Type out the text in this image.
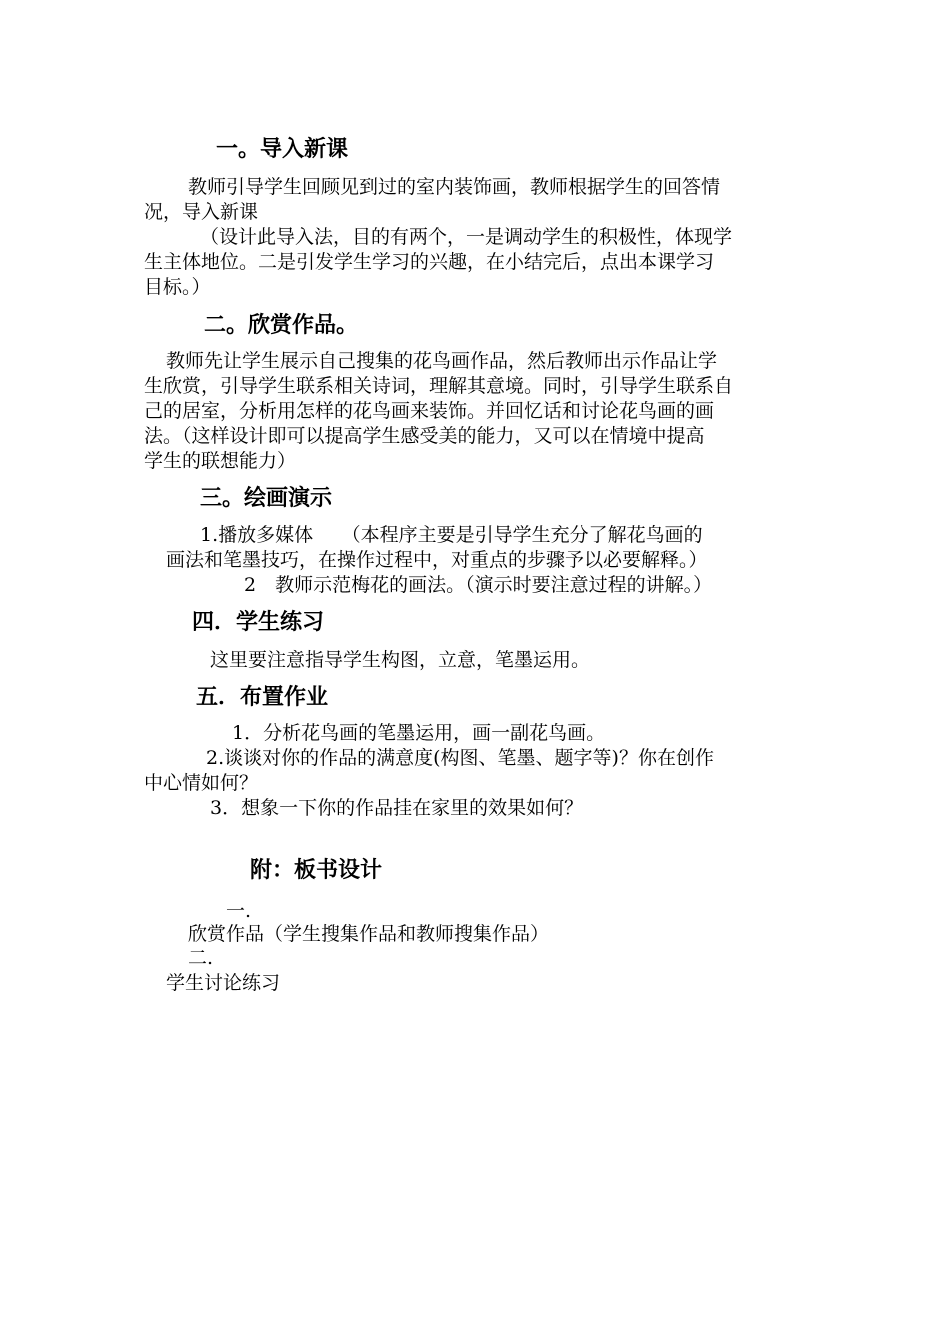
一。导入新课
教师引导学生回顾见到过的室内装饰画，教师根据学生的回答情
况，导入新课
（设计此导入法，目的有两个，一是调动学生的积极性，体现学
生主体地位。二是引发学生学习的兴趣，在小结完后，点出本课学习
目标。）
二。欣赏作品。
教师先让学生展示自己搜集的花鸟画作品，然后教师出示作品让学
生欣赏，引导学生联系相关诗词，理解其意境。同时，引导学生联系自
己的居室，分析用怎样的花鸟画来装饰。并回忆话和讨论花鸟画的画
法。（这样设计即可以提高学生感受美的能力，又可以在情境中提高
学生的联想能力）
三。绘画演示
1.播放多媒体　　（本程序主要是引导学生充分了解花鸟画的
画法和笔墨技巧，在操作过程中，对重点的步骤予以必要解释。）
2　教师示范梅花的画法。（演示时要注意过程的讲解。）
四．学生练习
这里要注意指导学生构图，立意，笔墨运用。
五．布置作业
1．分析花鸟画的笔墨运用，画一副花鸟画。
2.谈谈对你的作品的满意度(构图、笔墨、题字等)？你在创作
中心情如何？
3．想象一下你的作品挂在家里的效果如何？
附：板书设计
一.
欣赏作品（学生搜集作品和教师搜集作品）
二.
学生讨论练习
